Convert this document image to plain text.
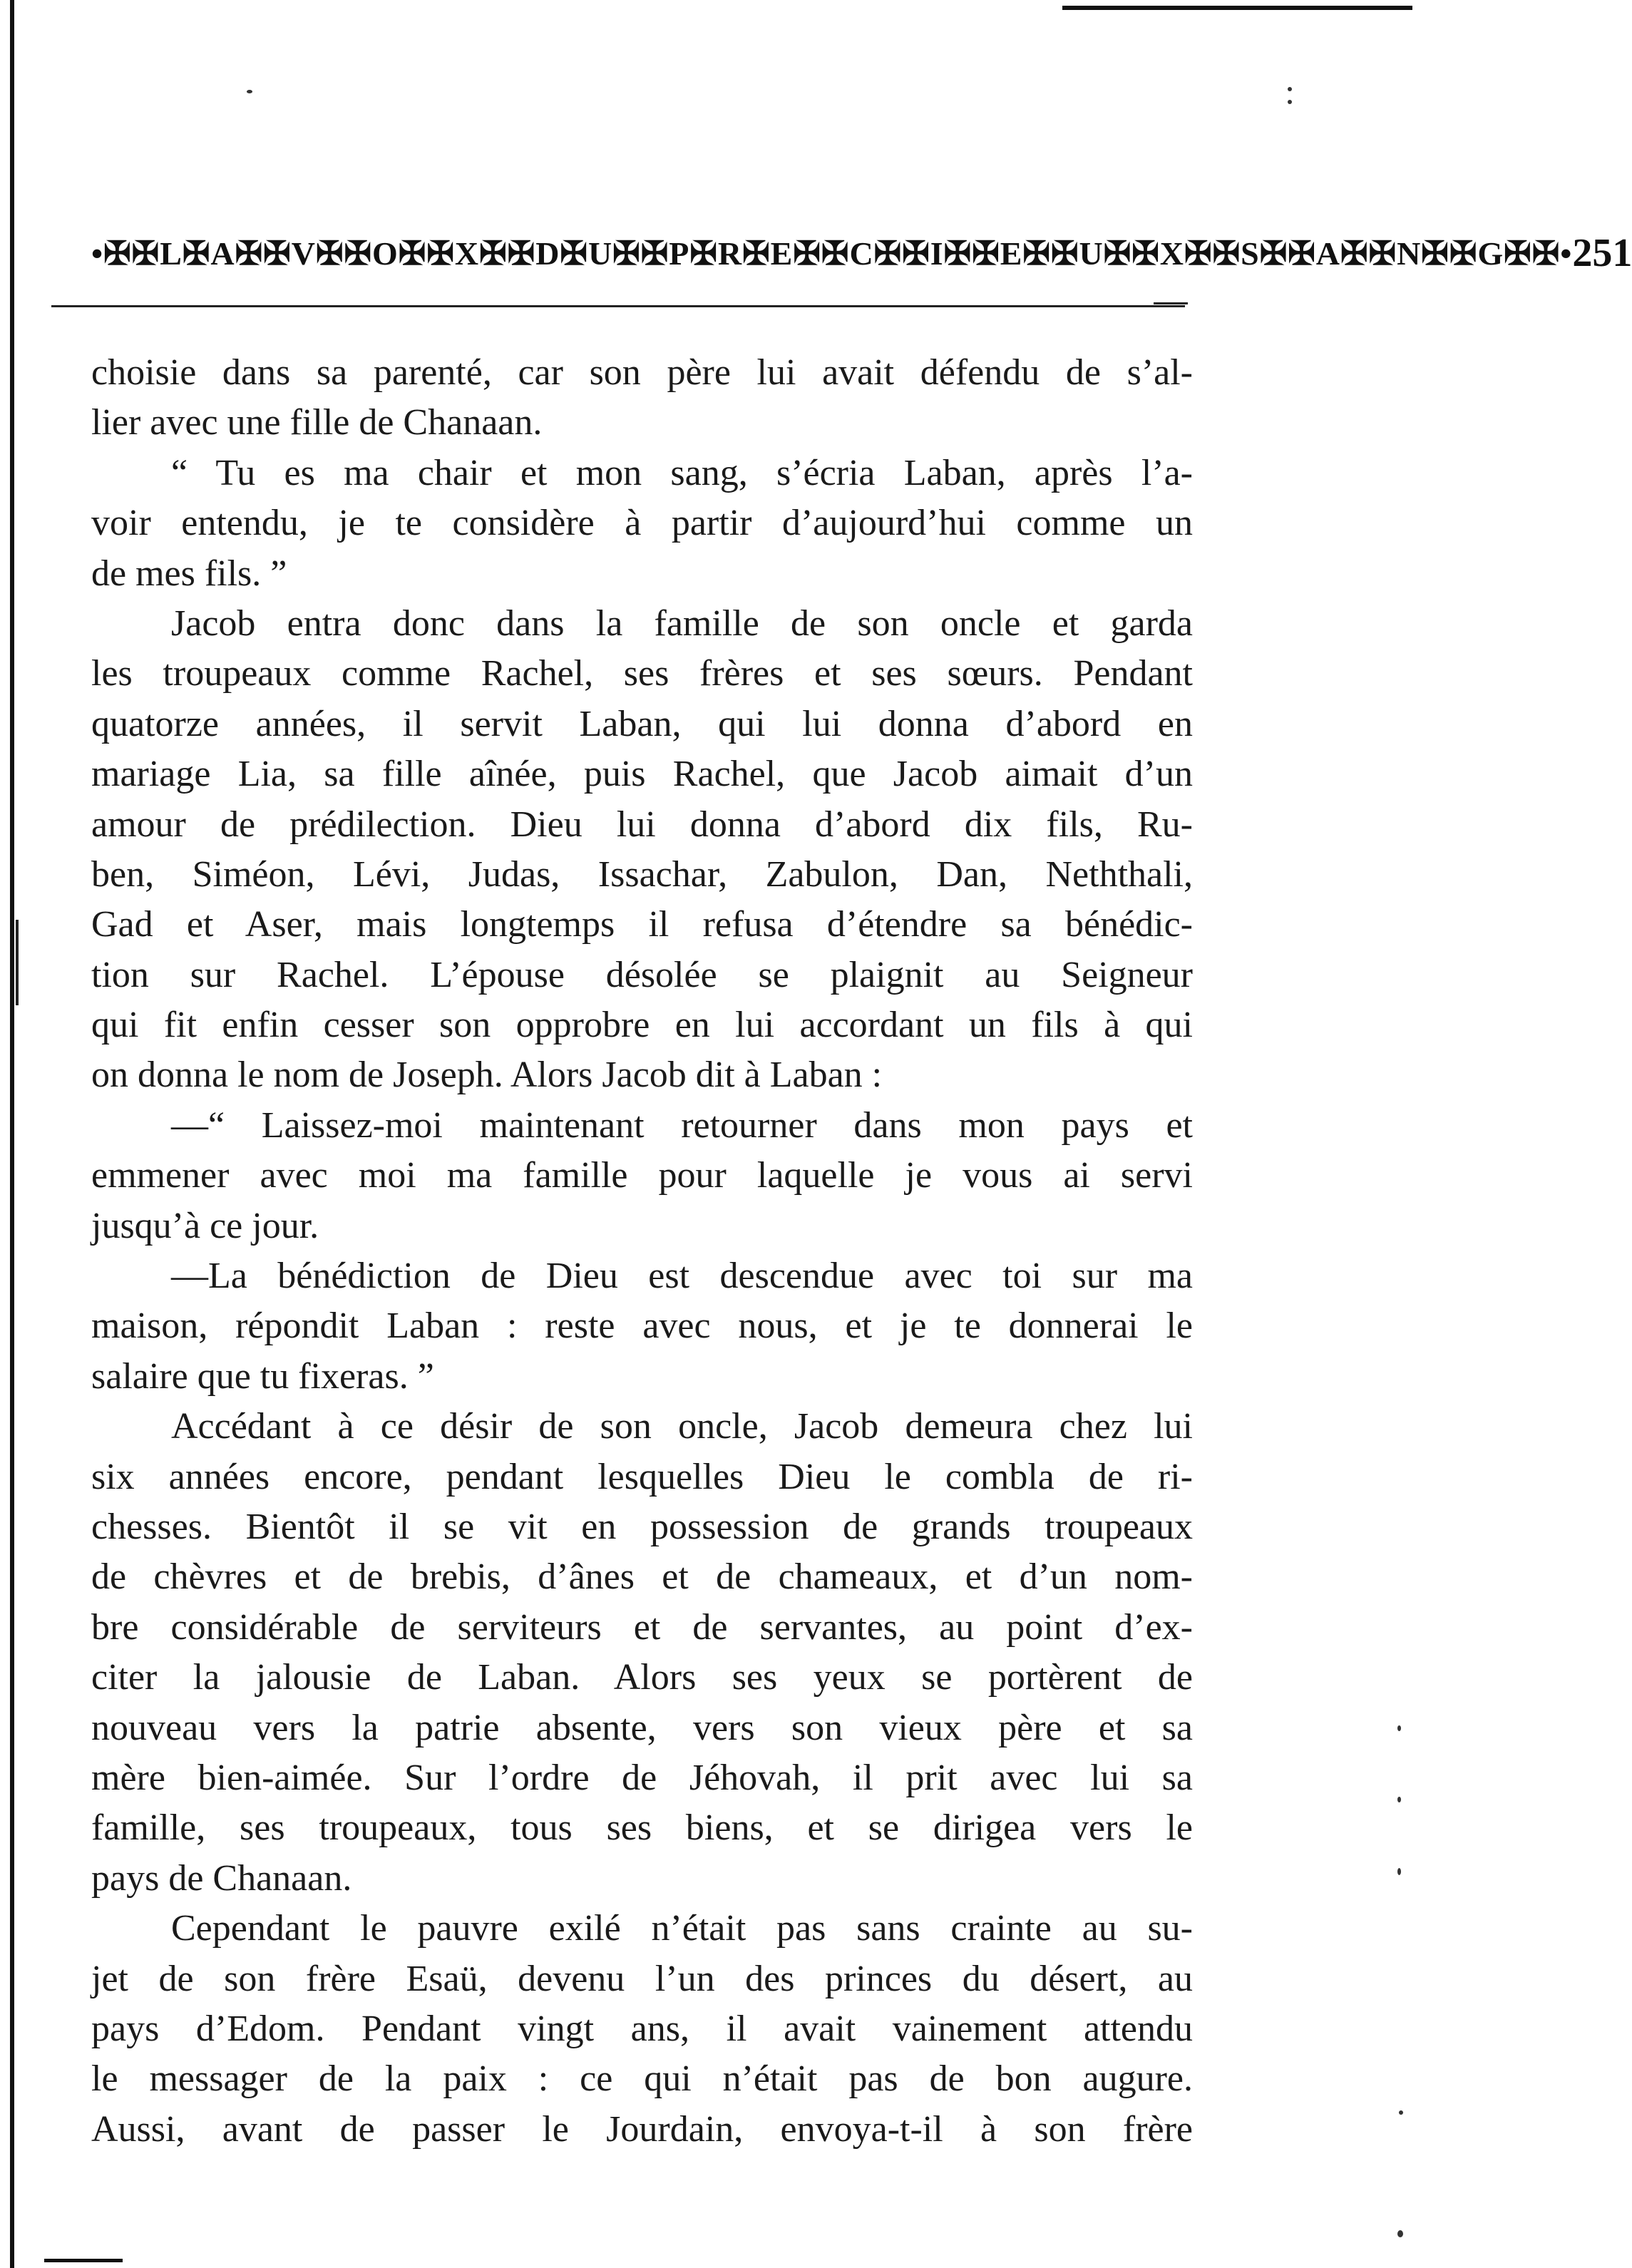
•✠✠L✠A✠✠V✠✠O✠✠X✠✠D✠U✠✠P✠R✠E✠✠C✠✠I✠✠E✠✠U✠✠X✠✠S✠✠A✠✠N✠✠G✠✠• 251
choisie dans sa parenté, car son père lui avait défendu de s’al-
lier avec une fille de Chanaan.
“ Tu es ma chair et mon sang, s’écria Laban, après l’a-
voir entendu, je te considère à partir d’aujourd’hui comme un
de mes fils. ”
Jacob entra donc dans la famille de son oncle et garda
les troupeaux comme Rachel, ses frères et ses sœurs. Pendant
quatorze années, il servit Laban, qui lui donna d’abord en
mariage Lia, sa fille aînée, puis Rachel, que Jacob aimait d’un
amour de prédilection. Dieu lui donna d’abord dix fils, Ru-
ben, Siméon, Lévi, Judas, Issachar, Zabulon, Dan, Neththali,
Gad et Aser, mais longtemps il refusa d’étendre sa bénédic-
tion sur Rachel. L’épouse désolée se plaignit au Seigneur
qui fit enfin cesser son opprobre en lui accordant un fils à qui
on donna le nom de Joseph. Alors Jacob dit à Laban :
—“ Laissez-moi maintenant retourner dans mon pays et
emmener avec moi ma famille pour laquelle je vous ai servi
jusqu’à ce jour.
—La bénédiction de Dieu est descendue avec toi sur ma
maison, répondit Laban : reste avec nous, et je te donnerai le
salaire que tu fixeras. ”
Accédant à ce désir de son oncle, Jacob demeura chez lui
six années encore, pendant lesquelles Dieu le combla de ri-
chesses. Bientôt il se vit en possession de grands troupeaux
de chèvres et de brebis, d’ânes et de chameaux, et d’un nom-
bre considérable de serviteurs et de servantes, au point d’ex-
citer la jalousie de Laban. Alors ses yeux se portèrent de
nouveau vers la patrie absente, vers son vieux père et sa
mère bien-aimée. Sur l’ordre de Jéhovah, il prit avec lui sa
famille, ses troupeaux, tous ses biens, et se dirigea vers le
pays de Chanaan.
Cependant le pauvre exilé n’était pas sans crainte au su-
jet de son frère Esaü, devenu l’un des princes du désert, au
pays d’Edom. Pendant vingt ans, il avait vainement attendu
le messager de la paix : ce qui n’était pas de bon augure.
Aussi, avant de passer le Jourdain, envoya-t-il à son frère
